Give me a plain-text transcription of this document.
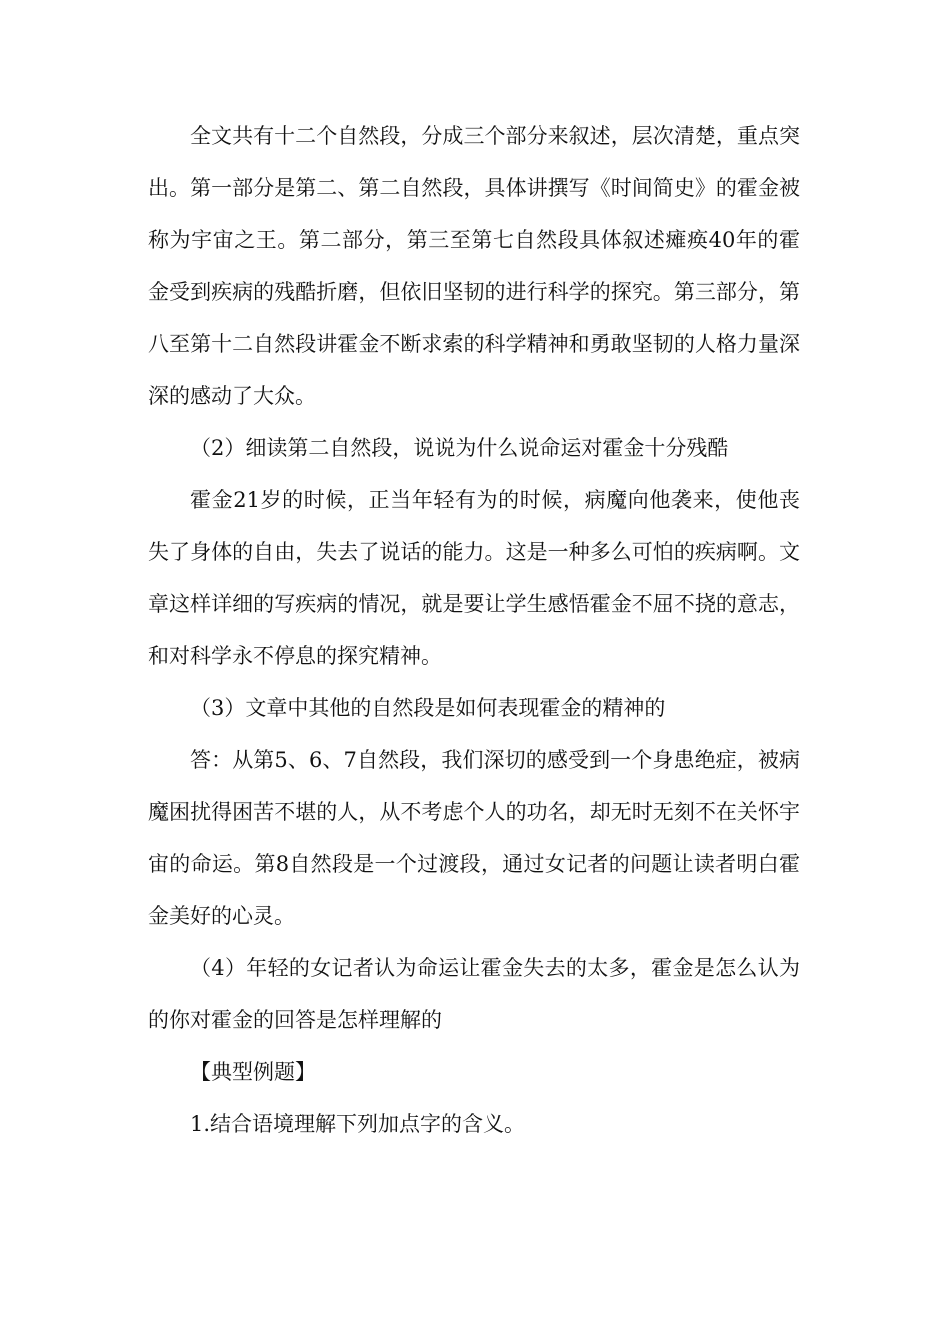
全文共有十二个自然段，分成三个部分来叙述，层次清楚，重点突出。第一部分是第二、第二自然段，具体讲撰写《时间简史》的霍金被称为宇宙之王。第二部分，第三至第七自然段具体叙述瘫痪40年的霍金受到疾病的残酷折磨，但依旧坚韧的进行科学的探究。第三部分，第八至第十二自然段讲霍金不断求索的科学精神和勇敢坚韧的人格力量深深的感动了大众。

（2）细读第二自然段，说说为什么说命运对霍金十分残酷

霍金21岁的时候，正当年轻有为的时候，病魔向他袭来，使他丧失了身体的自由，失去了说话的能力。这是一种多么可怕的疾病啊。文章这样详细的写疾病的情况，就是要让学生感悟霍金不屈不挠的意志，和对科学永不停息的探究精神。

（3）文章中其他的自然段是如何表现霍金的精神的

答：从第5、6、7自然段，我们深切的感受到一个身患绝症，被病魔困扰得困苦不堪的人，从不考虑个人的功名，却无时无刻不在关怀宇宙的命运。第8自然段是一个过渡段，通过女记者的问题让读者明白霍金美好的心灵。

（4）年轻的女记者认为命运让霍金失去的太多，霍金是怎么认为的你对霍金的回答是怎样理解的

【典型例题】

1.结合语境理解下列加点字的含义。
